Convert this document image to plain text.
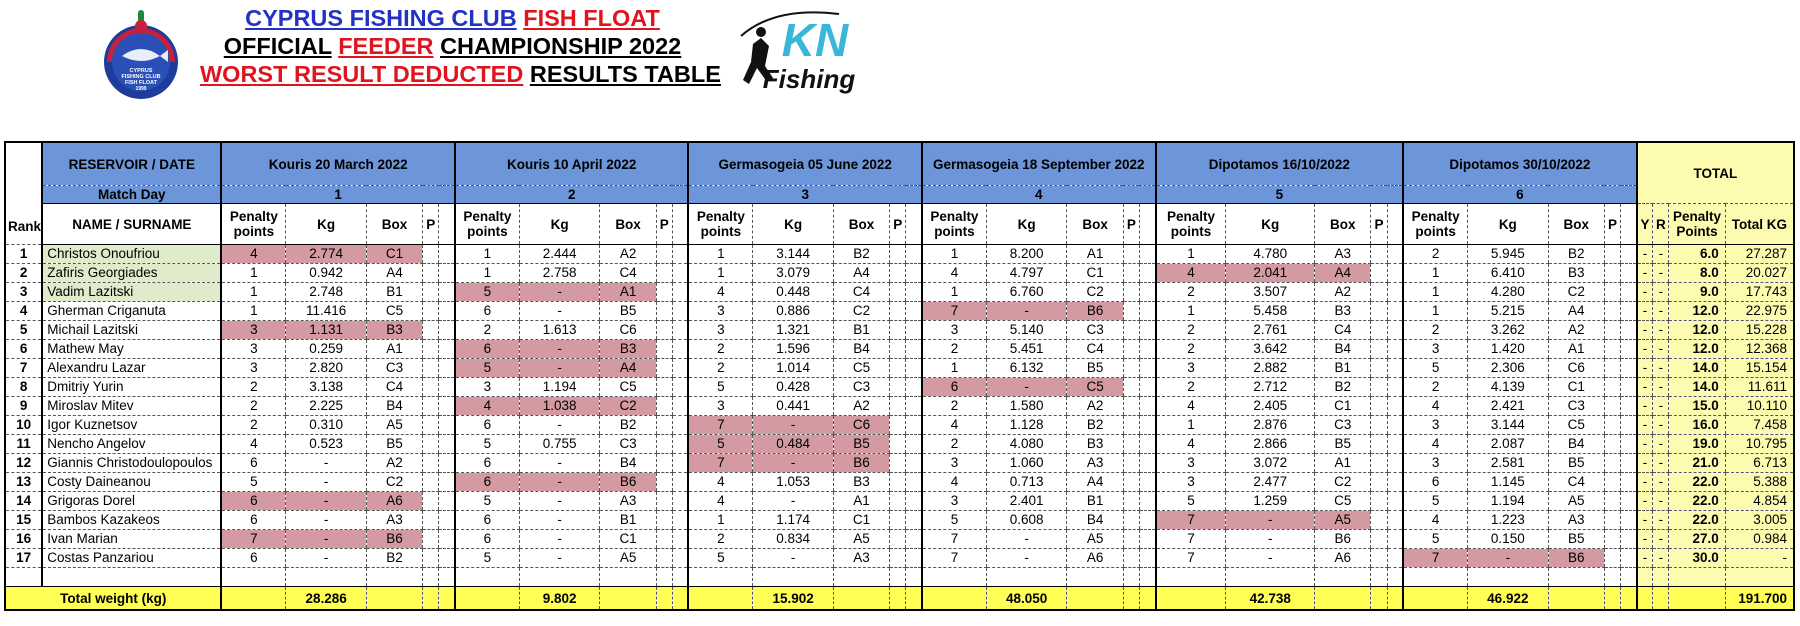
CYPRUS
FISHING CLUB
FISH FLOAT
1999
CYPRUS FISHING CLUB FISH FLOAT
OFFICIAL FEEDER CHAMPIONSHIP 2022
WORST RESULT DEDUCTED RESULTS TABLE
KN
Fishing
Rank	RESERVOIR / DATE	Kouris 20 March 2022					Kouris 10 April 2022					Germasogeia 05 June 2022					Germasogeia 18 September 2022					Dipotamos 16/10/2022					Dipotamos 30/10/2022					TOTAL			
	Match Day	1					2					3					4					5					6								
	NAME / SURNAME	Penalty points	Kg	Box	P		Penalty points	Kg	Box	P		Penalty points	Kg	Box	P		Penalty points	Kg	Box	P		Penalty points	Kg	Box	P		Penalty points	Kg	Box	P		Y	R	Penalty Points	Total KG
1	Christos Onoufriou	4	2.774	C1			1	2.444	A2			1	3.144	B2			1	8.200	A1			1	4.780	A3			2	5.945	B2			-	-	6.0	27.287
2	Zafiris Georgiades	1	0.942	A4			1	2.758	C4			1	3.079	A4			4	4.797	C1			4	2.041	A4			1	6.410	B3			-	-	8.0	20.027
3	Vadim Lazitski	1	2.748	B1			5	-	A1			4	0.448	C4			1	6.760	C2			2	3.507	A2			1	4.280	C2			-	-	9.0	17.743
4	Gherman Criganuta	1	11.416	C5			6	-	B5			3	0.886	C2			7	-	B6			1	5.458	B3			1	5.215	A4			-	-	12.0	22.975
5	Michail Lazitski	3	1.131	B3			2	1.613	C6			3	1.321	B1			3	5.140	C3			2	2.761	C4			2	3.262	A2			-	-	12.0	15.228
6	Mathew May	3	0.259	A1			6	-	B3			2	1.596	B4			2	5.451	C4			2	3.642	B4			3	1.420	A1			-	-	12.0	12.368
7	Alexandru Lazar	3	2.820	C3			5	-	A4			2	1.014	C5			1	6.132	B5			3	2.882	B1			5	2.306	C6			-	-	14.0	15.154
8	Dmitriy Yurin	2	3.138	C4			3	1.194	C5			5	0.428	C3			6	-	C5			2	2.712	B2			2	4.139	C1			-	-	14.0	11.611
9	Miroslav Mitev	2	2.225	B4			4	1.038	C2			3	0.441	A2			2	1.580	A2			4	2.405	C1			4	2.421	C3			-	-	15.0	10.110
10	Igor Kuznetsov	2	0.310	A5			6	-	B2			7	-	C6			4	1.128	B2			1	2.876	C3			3	3.144	C5			-	-	16.0	7.458
11	Nencho Angelov	4	0.523	B5			5	0.755	C3			5	0.484	B5			2	4.080	B3			4	2.866	B5			4	2.087	B4			-	-	19.0	10.795
12	Giannis Christodoulopoulos	6	-	A2			6	-	B4			7	-	B6			3	1.060	A3			3	3.072	A1			3	2.581	B5			-	-	21.0	6.713
13	Costy Daineanou	5	-	C2			6	-	B6			4	1.053	B3			4	0.713	A4			3	2.477	C2			6	1.145	C4			-	-	22.0	5.388
14	Grigoras Dorel	6	-	A6			5	-	A3			4	-	A1			3	2.401	B1			5	1.259	C5			5	1.194	A5			-	-	22.0	4.854
15	Bambos Kazakeos	6	-	A3			6	-	B1			1	1.174	C1			5	0.608	B4			7	-	A5			4	1.223	A3			-	-	22.0	3.005
16	Ivan Marian	7	-	B6			6	-	C1			2	0.834	A5			7	-	A5			7	-	B6			5	0.150	B5			-	-	27.0	0.984
17	Costas Panzariou	6	-	B2			5	-	A5			5	-	A3			7	-	A6			7	-	A6			7	-	B6			-	-	30.0	-

Total weight (kg)			28.286					9.802					15.902					48.050					42.738					46.922							191.700
